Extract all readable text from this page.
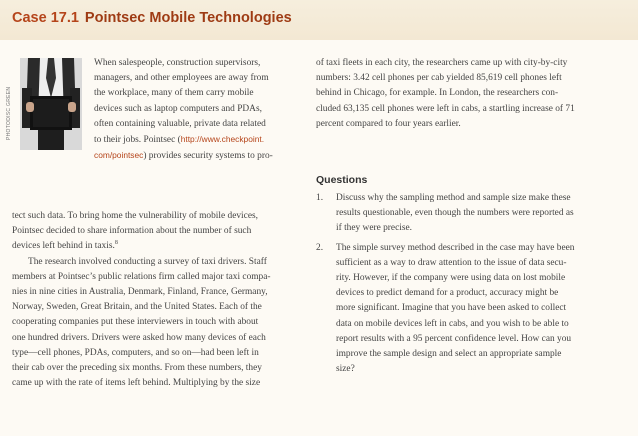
Case 17.1 Pointsec Mobile Technologies
PHOTODISC GREEN
When salespeople, construction supervisors,
managers, and other employees are away from
the workplace, many of them carry mobile
devices such as laptop computers and PDAs,
often containing valuable, private data related
to their jobs. Pointsec (http://www.checkpoint.
com/pointsec) provides security systems to pro-
tect such data. To bring home the vulnerability of mobile devices,
Pointsec decided to share information about the number of such
devices left behind in taxis.$^8$
The research involved conducting a survey of taxi drivers. Staff
members at Pointsec’s public relations firm called major taxi compa-
nies in nine cities in Australia, Denmark, Finland, France, Germany,
Norway, Sweden, Great Britain, and the United States. Each of the
cooperating companies put these interviewers in touch with about
one hundred drivers. Drivers were asked how many devices of each
type—cell phones, PDAs, computers, and so on—had been left in
their cab over the preceding six months. From these numbers, they
came up with the rate of items left behind. Multiplying by the size
of taxi fleets in each city, the researchers came up with city-by-city
numbers: 3.42 cell phones per cab yielded 85,619 cell phones left
behind in Chicago, for example. In London, the researchers con-
cluded 63,135 cell phones were left in cabs, a startling increase of 71
percent compared to four years earlier.
Questions
1. Discuss why the sampling method and sample size make these
results questionable, even though the numbers were reported as
if they were precise.
2. The simple survey method described in the case may have been
sufficient as a way to draw attention to the issue of data secu-
rity. However, if the company were using data on lost mobile
devices to predict demand for a product, accuracy might be
more significant. Imagine that you have been asked to collect
data on mobile devices left in cabs, and you wish to be able to
report results with a 95 percent confidence level. How can you
improve the sample design and select an appropriate sample
size?
